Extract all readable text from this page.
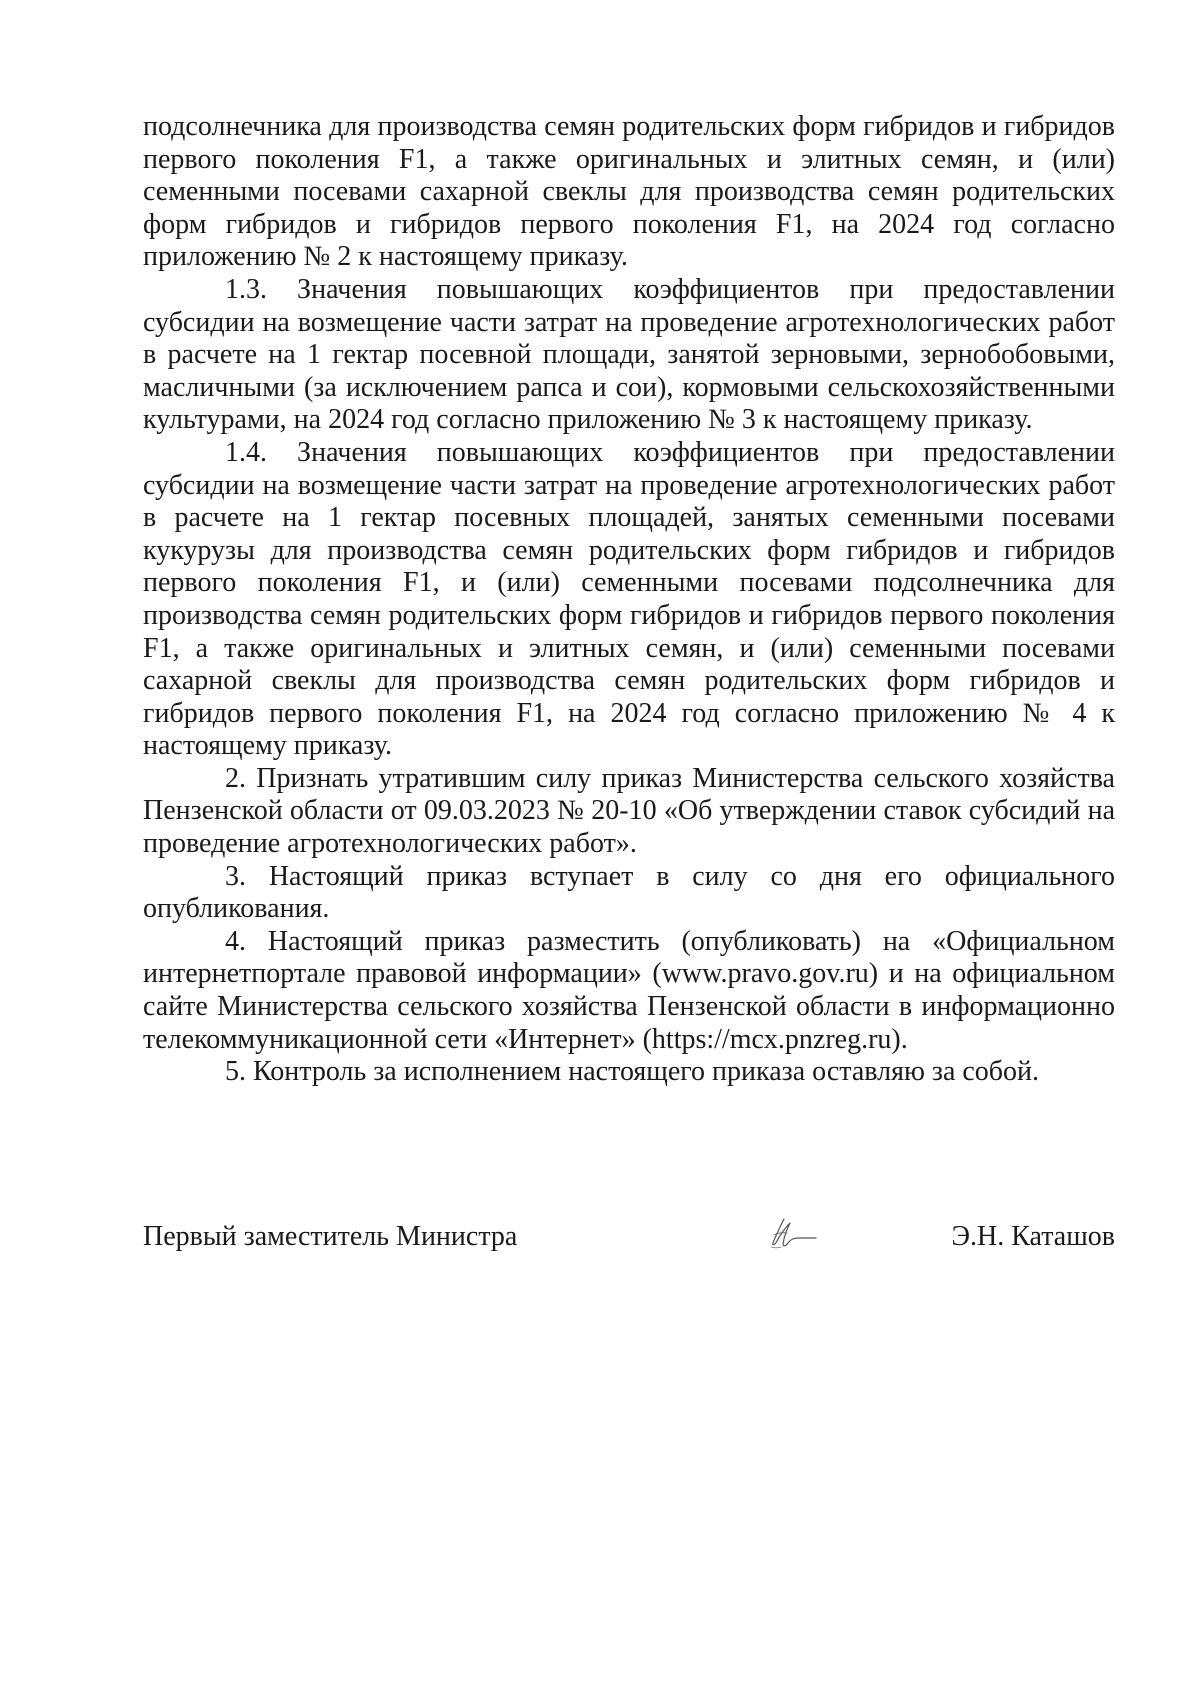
подсолнечника для производства семян родительских форм гибридов и гибридов первого поколения F1, а также оригинальных и элитных семян, и (или) семенными посевами сахарной свеклы для производства семян родительских форм гибридов и гибридов первого поколения F1, на 2024 год согласно приложению № 2 к настоящему приказу.

1.3. Значения повышающих коэффициентов при предоставлении субсидии на возмещение части затрат на проведение агротехнологических работ в расчете на 1 гектар посевной площади, занятой зерновыми, зернобобовыми, масличными (за исключением рапса и сои), кормовыми сельскохозяйственными культурами, на 2024 год согласно приложению № 3 к настоящему приказу.

1.4. Значения повышающих коэффициентов при предоставлении субсидии на возмещение части затрат на проведение агротехнологических работ в расчете на 1 гектар посевных площадей, занятых семенными посевами кукурузы для производства семян родительских форм гибридов и гибридов первого поколения F1, и (или) семенными посевами подсолнечника для производства семян родительских форм гибридов и гибридов первого поколения F1, а также оригинальных и элитных семян, и (или) семенными посевами сахарной свеклы для производства семян родительских форм гибридов и гибридов первого поколения F1, на 2024 год согласно приложению № 4 к настоящему приказу.

2. Признать утратившим силу приказ Министерства сельского хозяйства Пензенской области от 09.03.2023 № 20-10 «Об утверждении ставок субсидий на проведение агротехнологических работ».

3. Настоящий приказ вступает в силу со дня его официального опубликования.

4. Настоящий приказ разместить (опубликовать) на «Официальном интернетпортале правовой информации» (www.pravo.gov.ru) и на официальном сайте Министерства сельского хозяйства Пензенской области в информационно телекоммуникационной сети «Интернет» (https://mcx.pnzreg.ru).

5. Контроль за исполнением настоящего приказа оставляю за собой.

Первый заместитель Министра	Э.Н. Каташов
